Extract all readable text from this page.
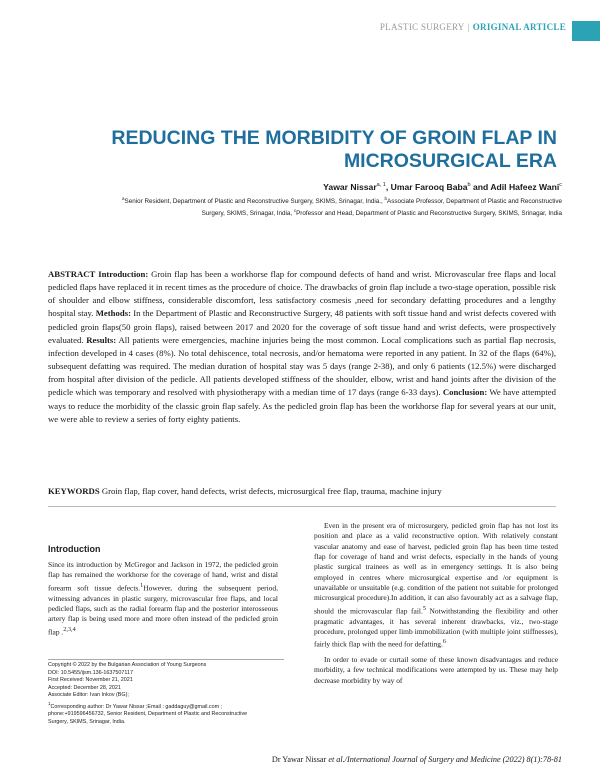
PLASTIC SURGERY | ORIGINAL ARTICLE
REDUCING THE MORBIDITY OF GROIN FLAP IN
MICROSURGICAL ERA
Yawar Nissar$^{a, 1}$, Umar Farooq Baba$^b$ and Adil Hafeez Wani$^c$
$^a$Senior Resident, Department of Plastic and Reconstructive Surgery, SKIMS, Srinagar, India., $^b$Associate Professor, Department of Plastic and Reconstructive
Surgery, SKIMS, Srinagar, India, $^c$Professor and Head, Department of Plastic and Reconstructive Surgery, SKIMS, Srinagar, India
ABSTRACT Introduction: Groin flap has been a workhorse flap for compound defects of hand and wrist. Microvascular free flaps and local pedicled flaps have replaced it in recent times as the procedure of choice. The drawbacks of groin flap include a two-stage operation, possible risk of shoulder and elbow stiffness, considerable discomfort, less satisfactory cosmesis ,need for secondary defatting procedures and a lengthy hospital stay. Methods: In the Department of Plastic and Reconstructive Surgery, 48 patients with soft tissue hand and wrist defects covered with pedicled groin flaps(50 groin flaps), raised between 2017 and 2020 for the coverage of soft tissue hand and wrist defects, were prospectively evaluated. Results: All patients were emergencies, machine injuries being the most common. Local complications such as partial flap necrosis, infection developed in 4 cases (8%). No total dehiscence, total necrosis, and/or hematoma were reported in any patient. In 32 of the flaps (64%), subsequent defatting was required. The median duration of hospital stay was 5 days (range 2-38), and only 6 patients (12.5%) were discharged from hospital after division of the pedicle. All patients developed stiffness of the shoulder, elbow, wrist and hand joints after the division of the pedicle which was temporary and resolved with physiotherapy with a median time of 17 days (range 6-33 days). Conclusion: We have attempted ways to reduce the morbidity of the classic groin flap safely. As the pedicled groin flap has been the workhorse flap for several years at our unit, we were able to review a series of forty eighty patients.
KEYWORDS Groin flap, flap cover, hand defects, wrist defects, microsurgical free flap, trauma, machine injury
Introduction

Since its introduction by McGregor and Jackson in 1972, the pedicled groin flap has remained the workhorse for the coverage of hand, wrist and distal forearm soft tissue defects.$^1$However, during the subsequent period, witnessing advances in plastic surgery, microvascular free flaps, and local pedicled flaps, such as the radial forearm flap and the posterior interosseous artery flap is being used more and more often instead of the pedicled groin flap .$^{2,3,4}$

Copyright © 2022 by the Bulgarian Association of Young Surgeons
DOI: 10.5455/ijsm.136-1637507117
First Received: November 21, 2021
Accepted: December 28, 2021
Associate Editor: Ivan Inkov (BG);
$^1$Corresponding author: Dr Yawar Nissar ;Email : gaddaguy@gmail.com ;
phone:+919596456732, Senior Resident, Department of Plastic and Reconstructive
Surgery, SKIMS, Srinagar, India.

Even in the present era of microsurgery, pedicled groin flap has not lost its position and place as a valid reconstructive option. With relatively constant vascular anatomy and ease of harvest, pedicled groin flap has been time tested flap for coverage of hand and wrist defects, especially in the hands of young plastic surgical trainees as well as in emergency settings. It is also being employed in centres where microsurgical expertise and /or equipment is unavailable or unsuitable (e.g. condition of the patient not suitable for prolonged microsurgical procedure).In addition, it can also favourably act as a salvage flap, should the microvascular flap fail.$^5$ Notwithstanding the flexibility and other pragmatic advantages, it has several inherent drawbacks, viz., two-stage procedure, prolonged upper limb immobilization (with multiple joint stiffnesses), fairly thick flap with the need for defatting.$^6$

In order to evade or curtail some of these known disadvantages and reduce morbidity, a few technical modifications were attempted by us. These may help decrease morbidity by way of

Dr Yawar Nissar et al./International Journal of Surgery and Medicine (2022) 8(1):78-81
